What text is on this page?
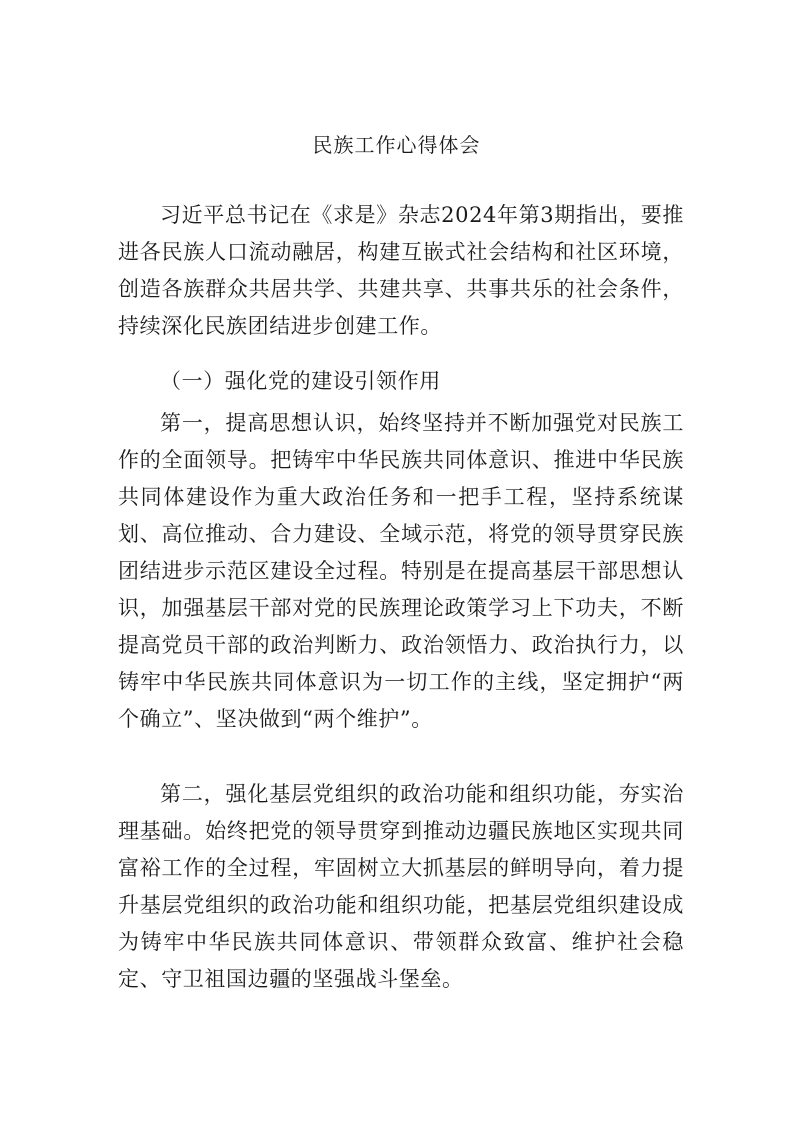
民族工作心得体会

习近平总书记在《求是》杂志2024年第3期指出，要推进各民族人口流动融居，构建互嵌式社会结构和社区环境，创造各族群众共居共学、共建共享、共事共乐的社会条件，持续深化民族团结进步创建工作。

（一）强化党的建设引领作用

第一，提高思想认识，始终坚持并不断加强党对民族工作的全面领导。把铸牢中华民族共同体意识、推进中华民族共同体建设作为重大政治任务和一把手工程，坚持系统谋划、高位推动、合力建设、全域示范，将党的领导贯穿民族团结进步示范区建设全过程。特别是在提高基层干部思想认识，加强基层干部对党的民族理论政策学习上下功夫，不断提高党员干部的政治判断力、政治领悟力、政治执行力，以铸牢中华民族共同体意识为一切工作的主线，坚定拥护“两个确立”、坚决做到“两个维护”。

第二，强化基层党组织的政治功能和组织功能，夯实治理基础。始终把党的领导贯穿到推动边疆民族地区实现共同富裕工作的全过程，牢固树立大抓基层的鲜明导向，着力提升基层党组织的政治功能和组织功能，把基层党组织建设成为铸牢中华民族共同体意识、带领群众致富、维护社会稳定、守卫祖国边疆的坚强战斗堡垒。
